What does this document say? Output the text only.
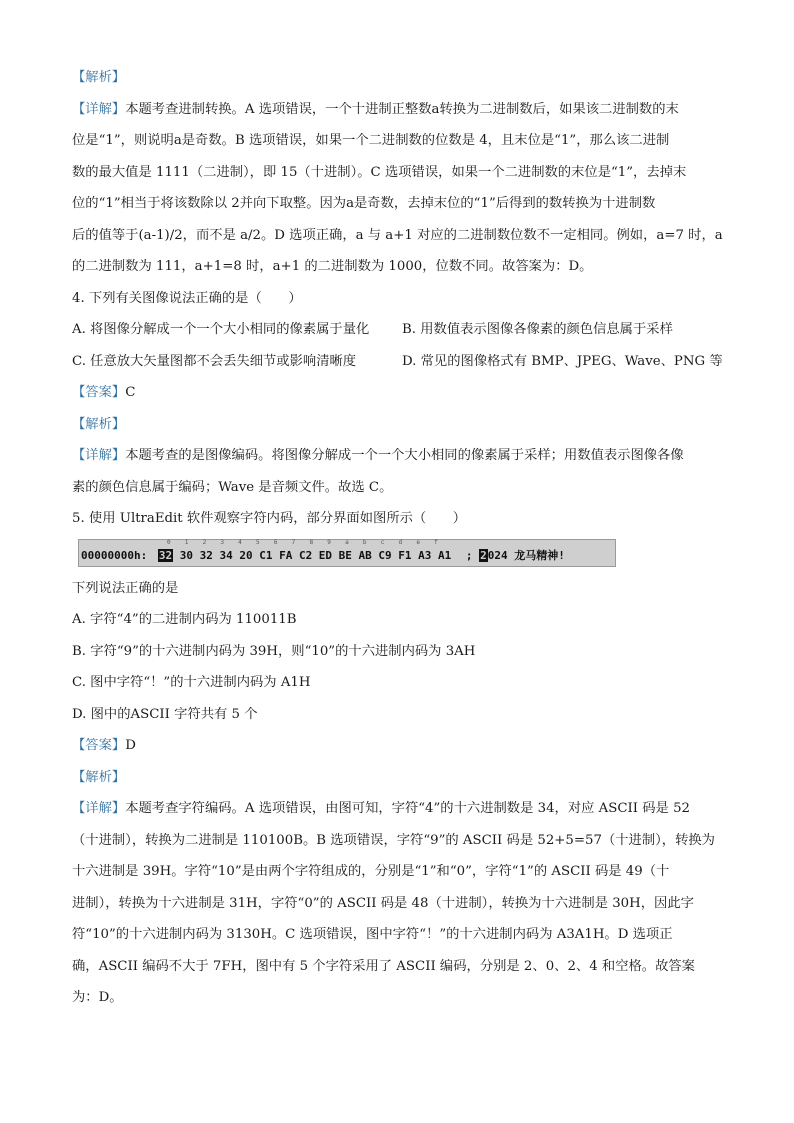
【解析】
【详解】本题考查进制转换。A 选项错误，一个十进制正整数a转换为二进制数后，如果该二进制数的末
位是“1”，则说明a是奇数。B 选项错误，如果一个二进制数的位数是 4，且末位是“1”，那么该二进制
数的最大值是 1111（二进制），即 15（十进制）。C 选项错误，如果一个二进制数的末位是“1”，去掉末
位的“1”相当于将该数除以 2并向下取整。因为a是奇数，去掉末位的“1”后得到的数转换为十进制数
后的值等于(a-1)/2，而不是 a/2。D 选项正确，a 与 a+1 对应的二进制数位数不一定相同。例如，a=7 时，a
的二进制数为 111，a+1=8 时，a+1 的二进制数为 1000，位数不同。故答案为：D。
4. 下列有关图像说法正确的是（　　）
A. 将图像分解成一个一个大小相同的像素属于量化	B. 用数值表示图像各像素的颜色信息属于采样
C. 任意放大矢量图都不会丢失细节或影响清晰度	D. 常见的图像格式有 BMP、JPEG、Wave、PNG 等
【答案】C
【解析】
【详解】本题考查的是图像编码。将图像分解成一个一个大小相同的像素属于采样；用数值表示图像各像
素的颜色信息属于编码；Wave 是音频文件。故选 C。
5. 使用 UltraEdit 软件观察字符内码，部分界面如图所示（　　）
0123456789abcdef
00000000h: 32 30 32 34 20 C1 FA C2 ED BE AB C9 F1 A3 A1 ; 2024 龙马精神!
下列说法正确的是
A. 字符“4”的二进制内码为 110011B
B. 字符“9”的十六进制内码为 39H，则“10”的十六进制内码为 3AH
C. 图中字符“！”的十六进制内码为 A1H
D. 图中的ASCII 字符共有 5 个
【答案】D
【解析】
【详解】本题考查字符编码。A 选项错误，由图可知，字符“4”的十六进制数是 34，对应 ASCII 码是 52
（十进制），转换为二进制是 110100B。B 选项错误，字符“9”的 ASCII 码是 52+5=57（十进制），转换为
十六进制是 39H。字符“10”是由两个字符组成的，分别是“1”和“0”，字符“1”的 ASCII 码是 49（十
进制），转换为十六进制是 31H，字符“0”的 ASCII 码是 48（十进制），转换为十六进制是 30H，因此字
符“10”的十六进制内码为 3130H。C 选项错误，图中字符“！”的十六进制内码为 A3A1H。D 选项正
确，ASCII 编码不大于 7FH，图中有 5 个字符采用了 ASCII 编码，分别是 2、0、2、4 和空格。故答案
为：D。
